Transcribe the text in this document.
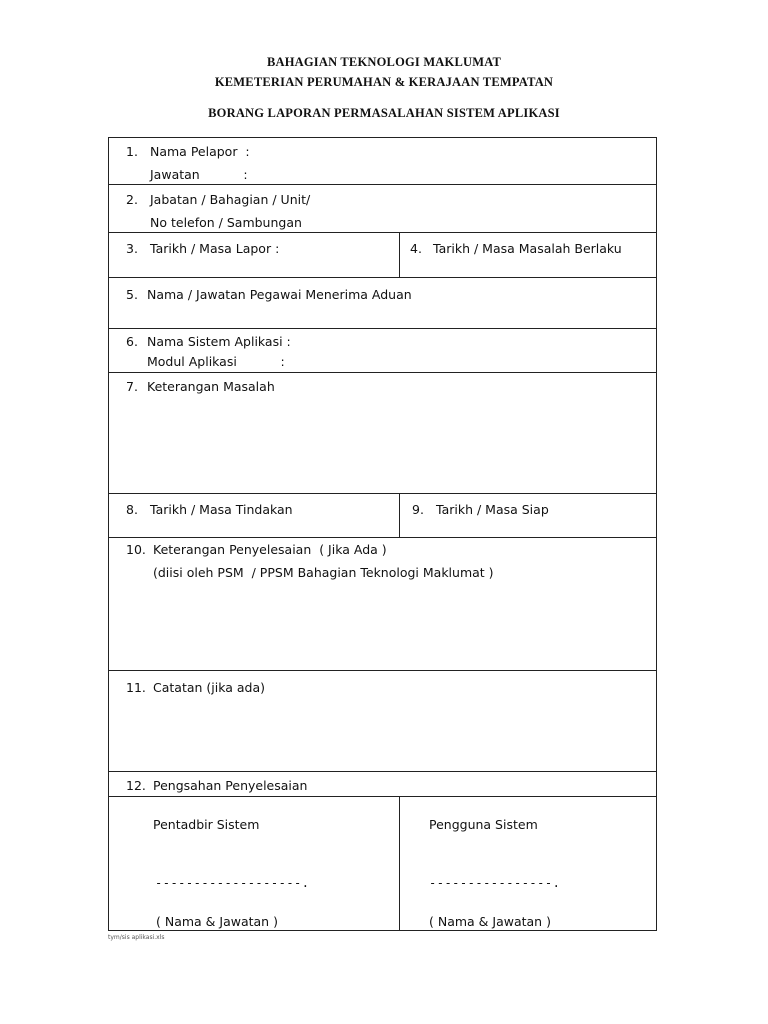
BAHAGIAN TEKNOLOGI MAKLUMAT
KEMETERIAN PERUMAHAN & KERAJAAN TEMPATAN
BORANG LAPORAN PERMASALAHAN SISTEM APLIKASI
1. Nama Pelapor  :
Jawatan           :
2. Jabatan / Bahagian / Unit/
No telefon / Sambungan
3. Tarikh / Masa Lapor :	4. Tarikh / Masa Masalah Berlaku
5. Nama / Jawatan Pegawai Menerima Aduan
6. Nama Sistem Aplikasi :
Modul Aplikasi           :
7. Keterangan Masalah
8. Tarikh / Masa Tindakan	9. Tarikh / Masa Siap
10. Keterangan Penyelesaian  ( Jika Ada )
(diisi oleh PSM  / PPSM Bahagian Teknologi Maklumat )
11. Catatan (jika ada)
12. Pengsahan Penyelesaian
Pentadbir Sistem
-------------------.
( Nama & Jawatan )
Pengguna Sistem
----------------.
( Nama & Jawatan )
tym/sis aplikasi.xls
